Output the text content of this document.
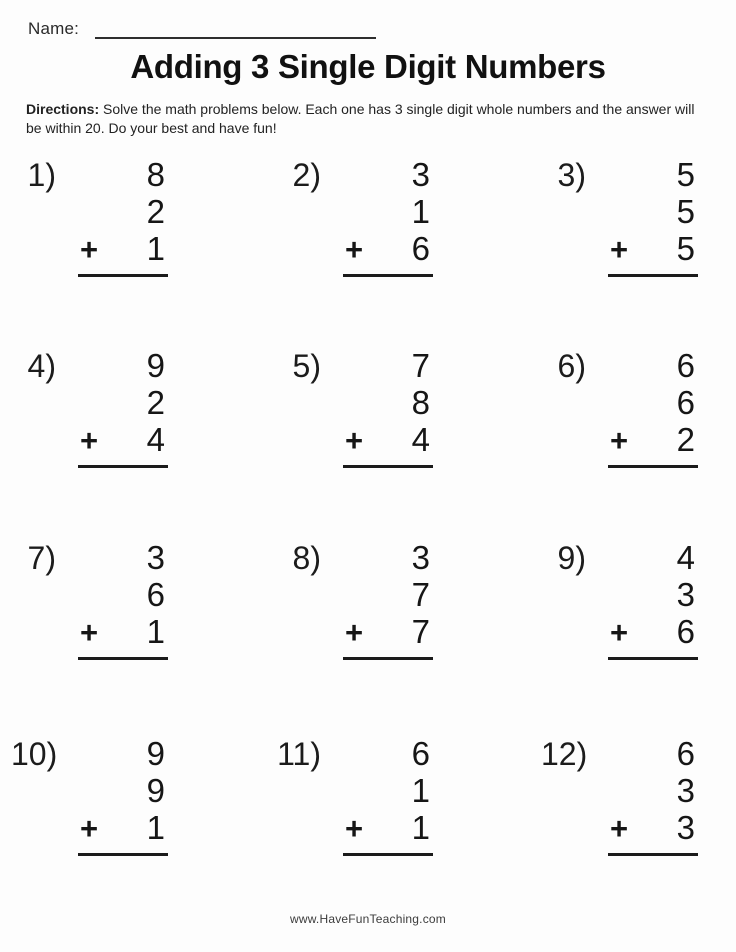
Name:
Adding 3 Single Digit Numbers

Directions: Solve the math problems below. Each one has 3 single digit whole numbers and the answer will be within 20. Do your best and have fun!

1)	8
2
+	1
2)	3
1
+	6
3)	5
5
+	5
4)	9
2
+	4
5)	7
8
+	4
6)	6
6
+	2
7)	3
6
+	1
8)	3
7
+	7
9)	4
3
+	6
10)	9
9
+	1
11)	6
1
+	1
12)	6
3
+	3
www.HaveFunTeaching.com
